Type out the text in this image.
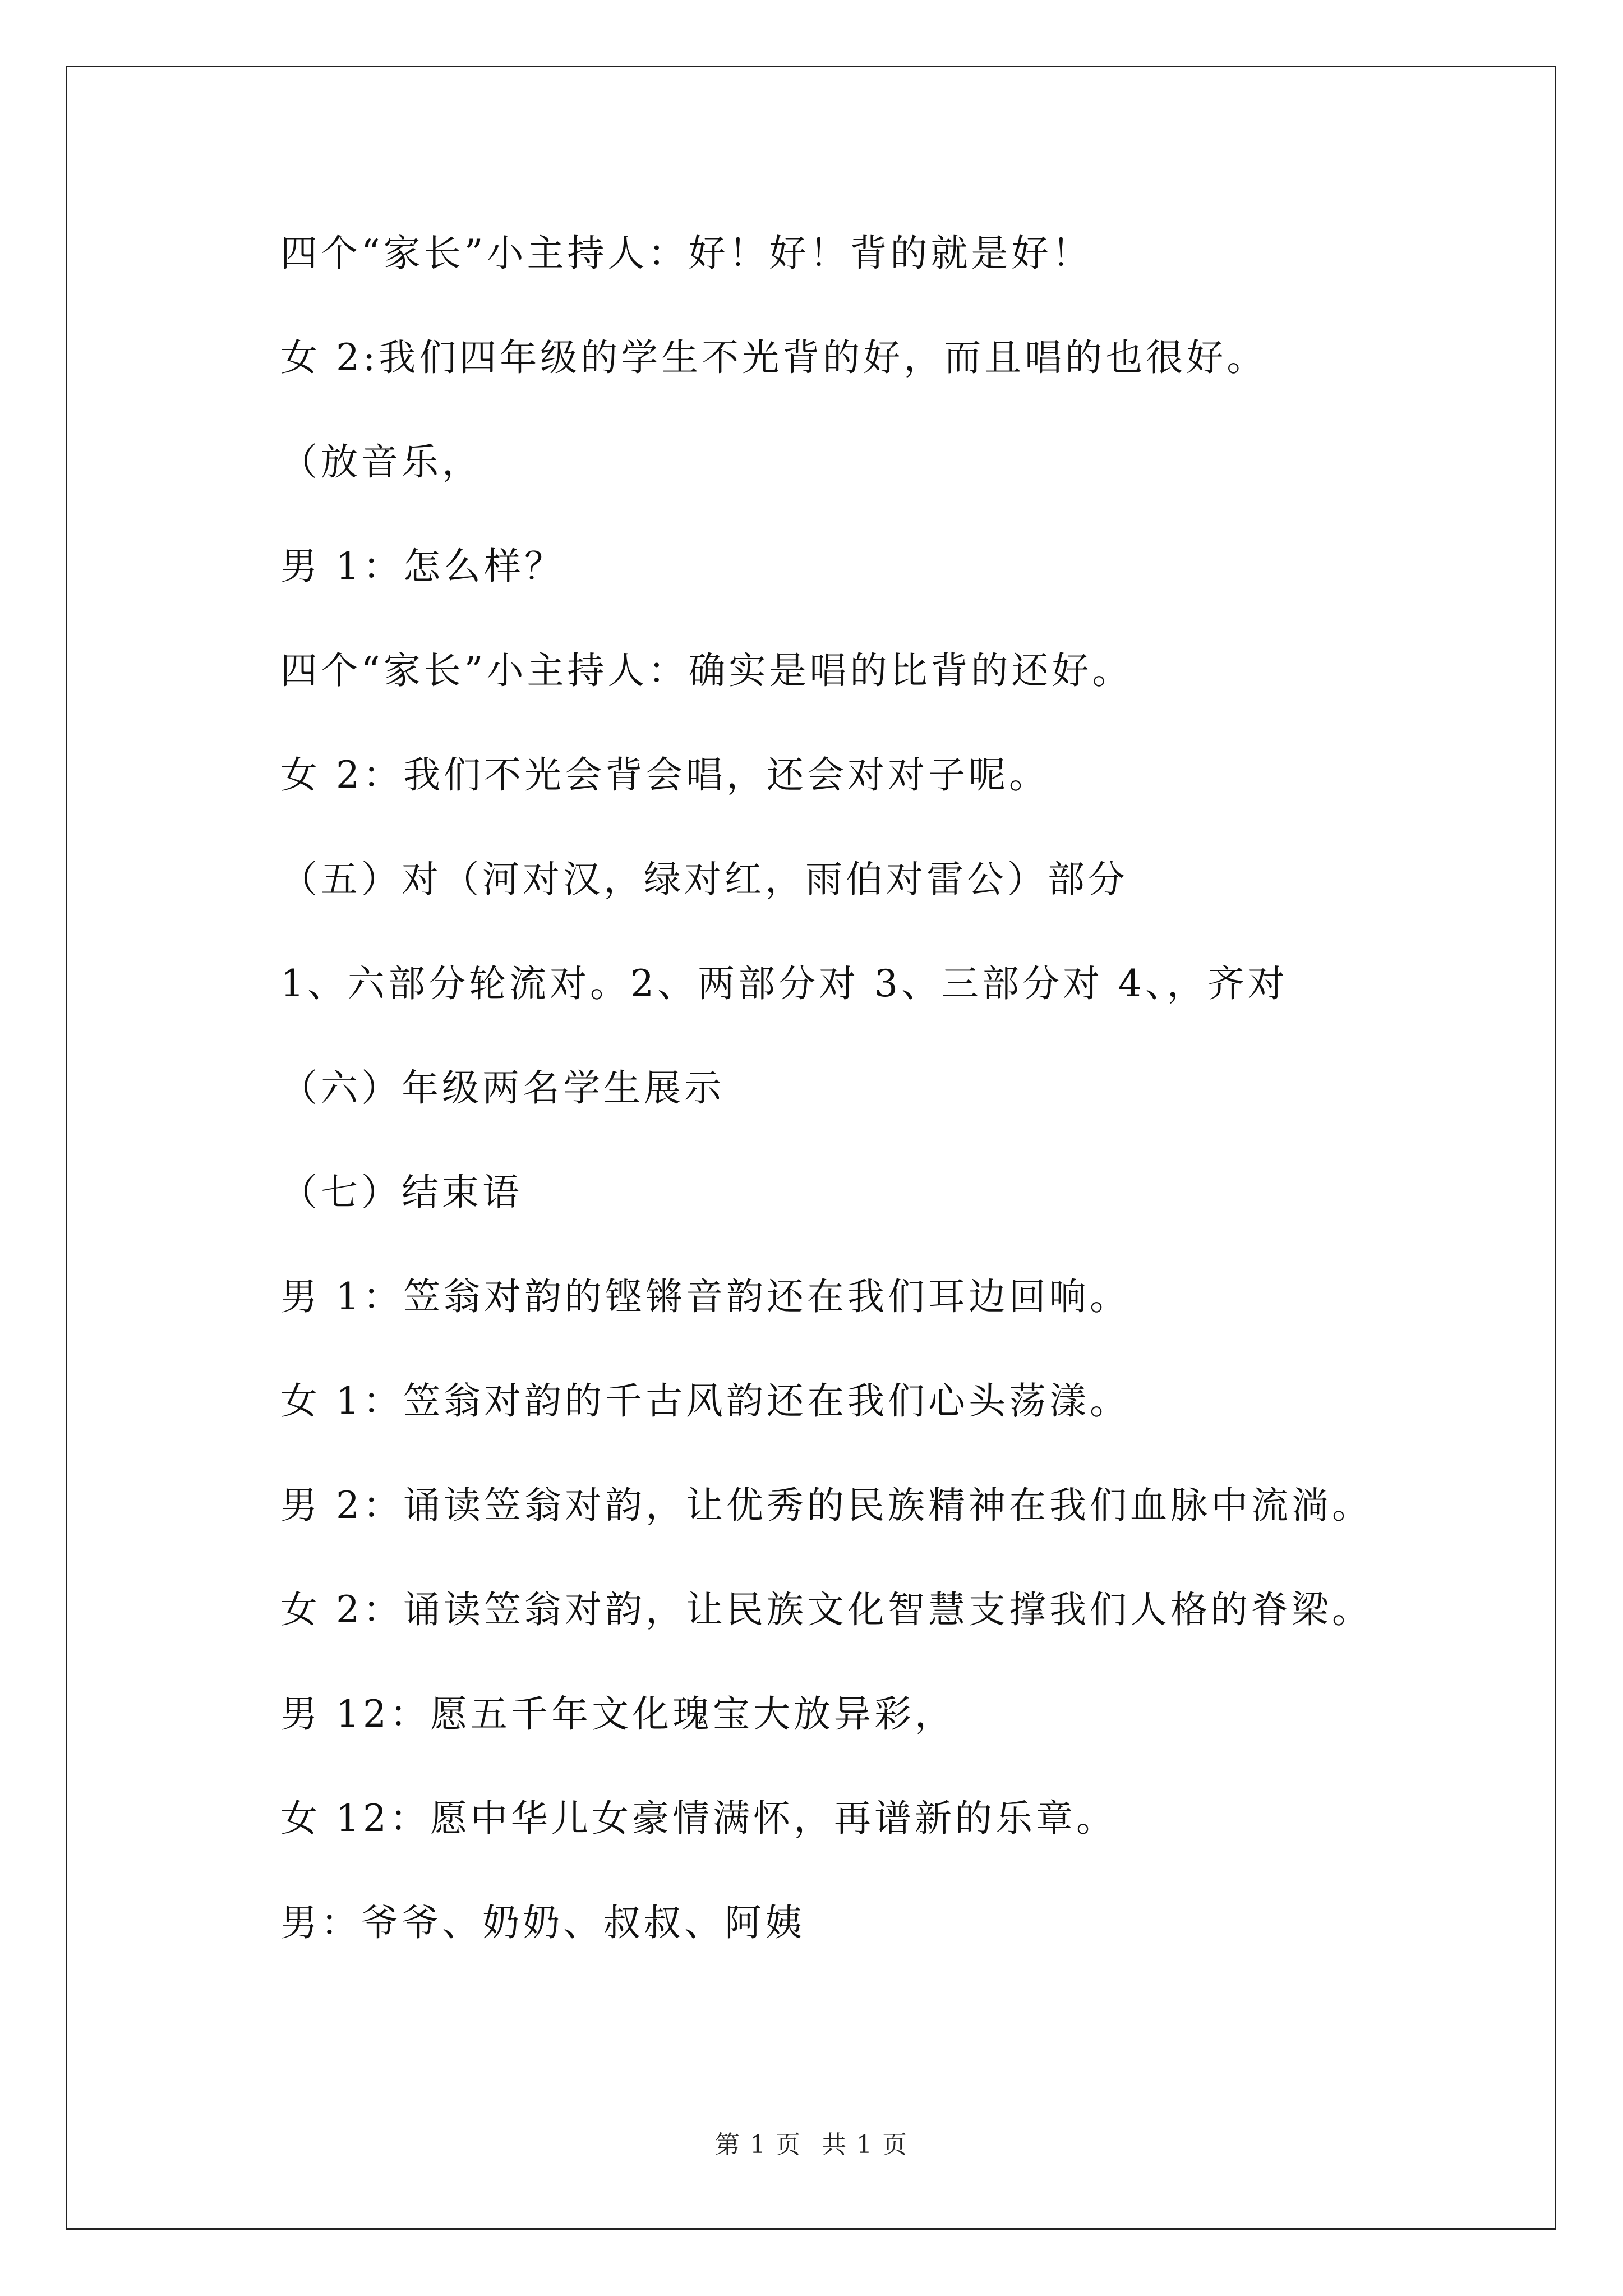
四个“家长”小主持人：好！好！背的就是好！
女 2:我们四年级的学生不光背的好，而且唱的也很好。
（放音乐，
男 1：怎么样？
四个“家长”小主持人：确实是唱的比背的还好。
女 2：我们不光会背会唱，还会对对子呢。
（五）对（河对汉，绿对红，雨伯对雷公）部分
1、六部分轮流对。2、两部分对 3、三部分对 4、，齐对
（六）年级两名学生展示
（七）结束语
男 1：笠翁对韵的铿锵音韵还在我们耳边回响。
女 1：笠翁对韵的千古风韵还在我们心头荡漾。
男 2：诵读笠翁对韵，让优秀的民族精神在我们血脉中流淌。
女 2：诵读笠翁对韵，让民族文化智慧支撑我们人格的脊梁。
男 12：愿五千年文化瑰宝大放异彩，
女 12：愿中华儿女豪情满怀，再谱新的乐章。
男：爷爷、奶奶、叔叔、阿姨
第 1 页 共 1 页
